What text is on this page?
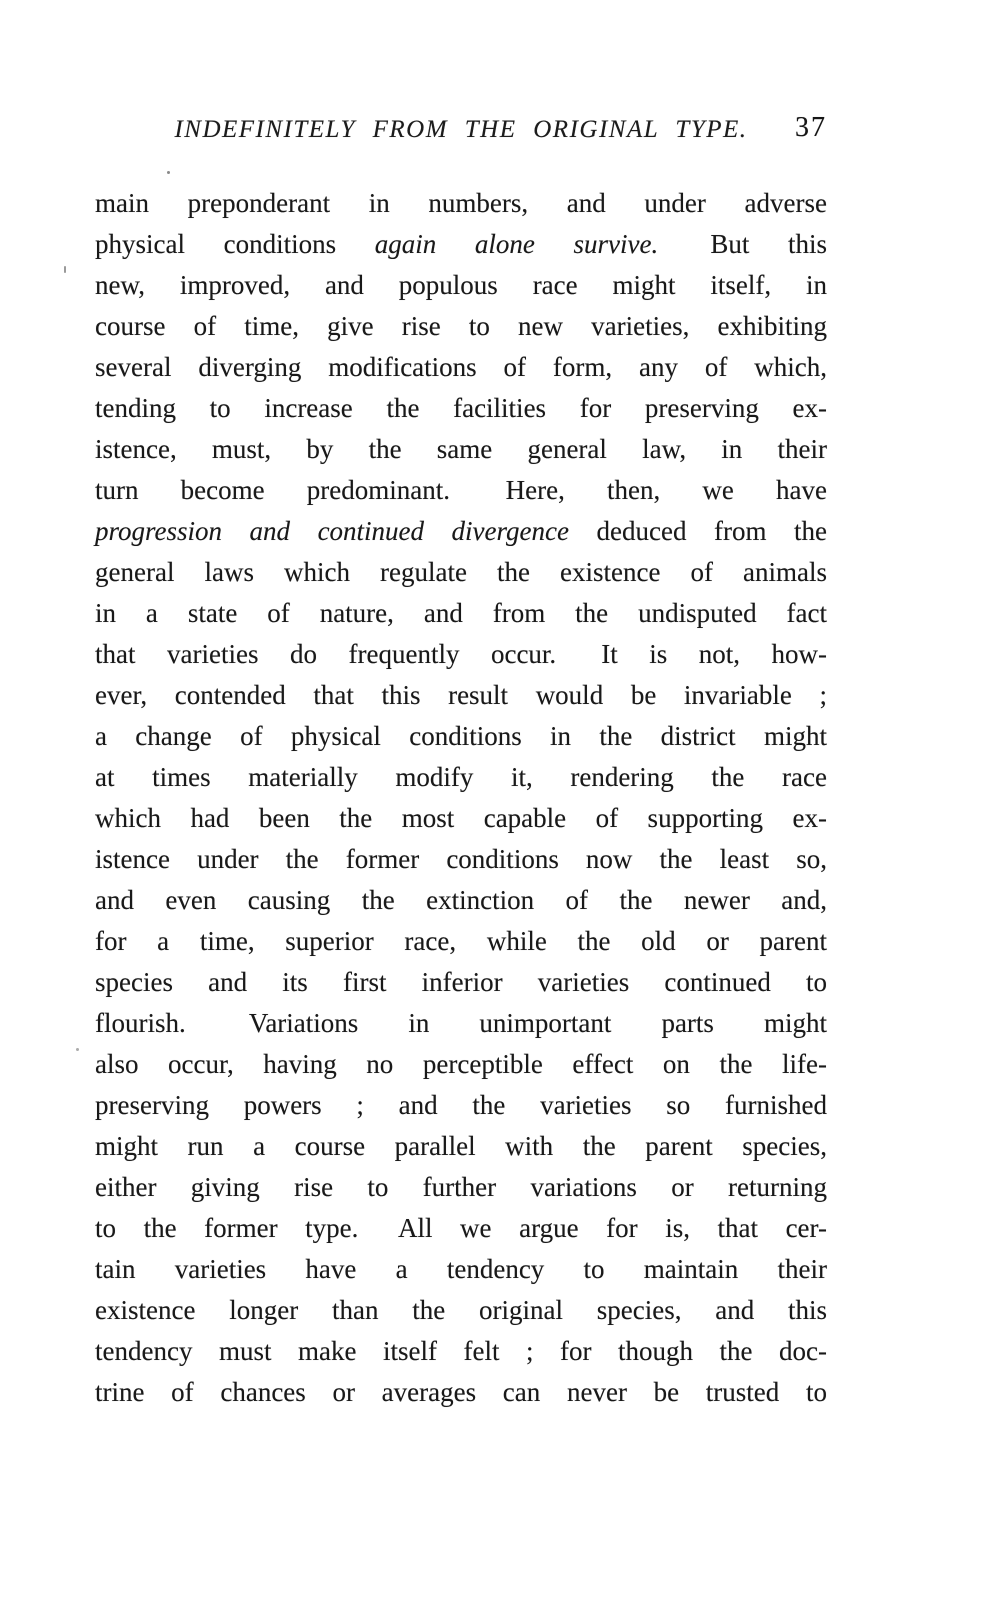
INDEFINITELY FROM THE ORIGINAL TYPE. 37
main preponderant in numbers, and under adverse
physical conditions again alone survive.  But this
new, improved, and populous race might itself, in
course of time, give rise to new varieties, exhibiting
several diverging modifications of form, any of which,
tending to increase the facilities for preserving ex-
istence, must, by the same general law, in their
turn become predominant.  Here, then, we have
progression and continued divergence deduced from the
general laws which regulate the existence of animals
in a state of nature, and from the undisputed fact
that varieties do frequently occur.  It is not, how-
ever, contended that this result would be invariable ;
a change of physical conditions in the district might
at times materially modify it, rendering the race
which had been the most capable of supporting ex-
istence under the former conditions now the least so,
and even causing the extinction of the newer and,
for a time, superior race, while the old or parent
species and its first inferior varieties continued to
flourish.  Variations in unimportant parts might
also occur, having no perceptible effect on the life-
preserving powers ; and the varieties so furnished
might run a course parallel with the parent species,
either giving rise to further variations or returning
to the former type.  All we argue for is, that cer-
tain varieties have a tendency to maintain their
existence longer than the original species, and this
tendency must make itself felt ; for though the doc-
trine of chances or averages can never be trusted to
